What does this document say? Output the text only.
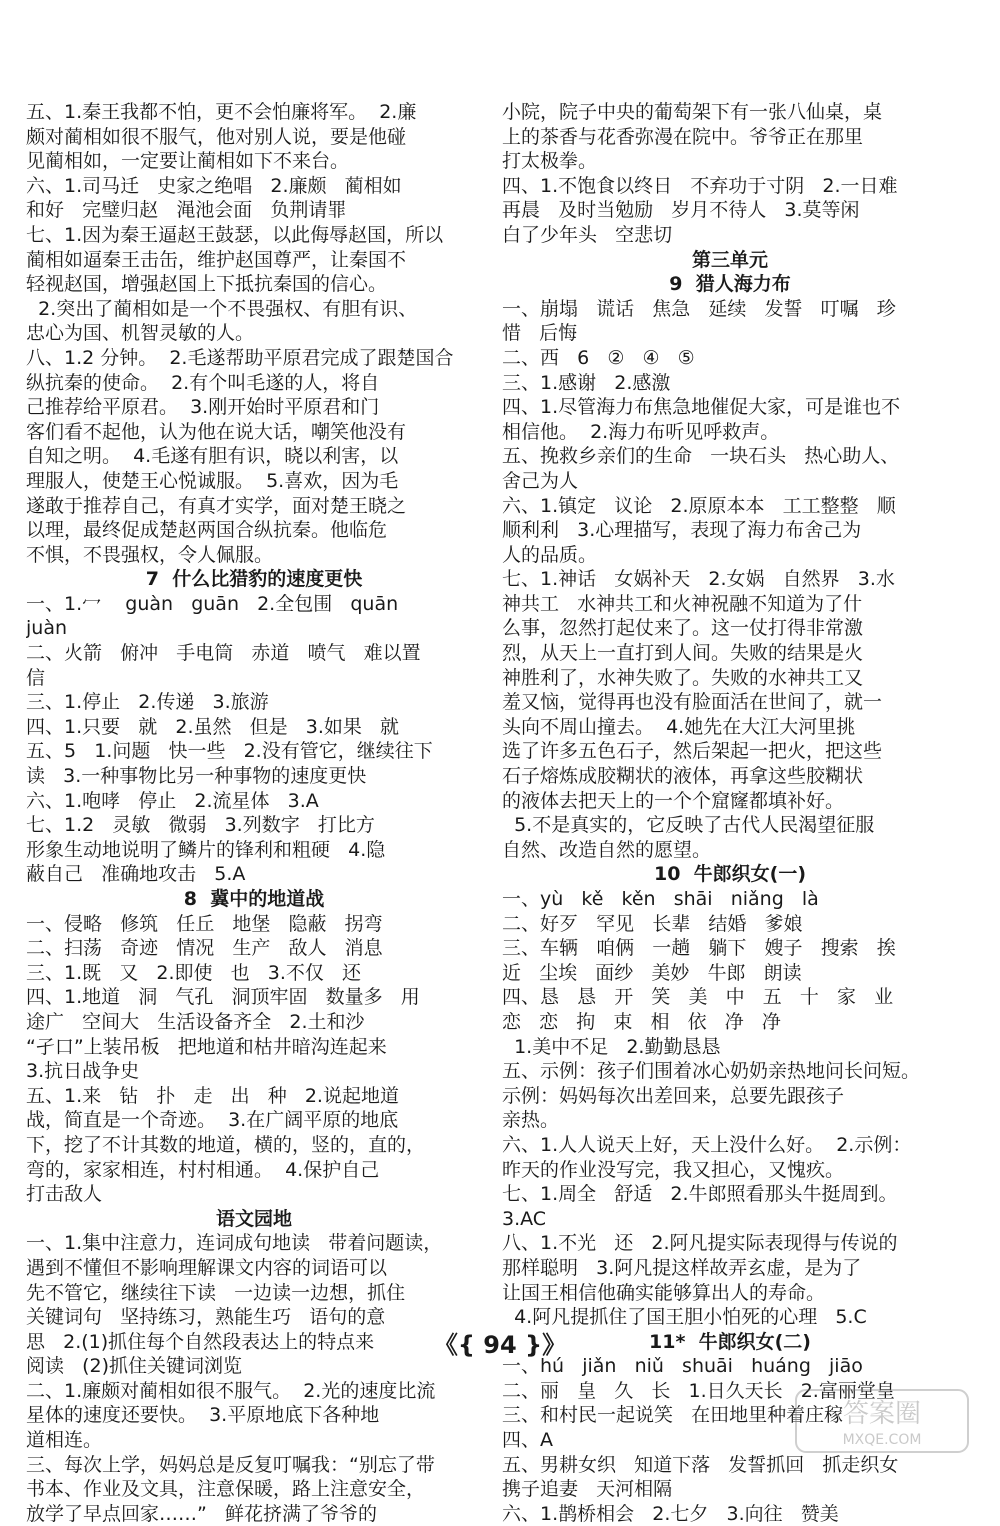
五、1.秦王我都不怕，更不会怕廉将军。  2.廉
颇对蔺相如很不服气，他对别人说，要是他碰
见蔺相如，一定要让蔺相如下不来台。
六、1.司马迁   史家之绝唱   2.廉颇   蔺相如
和好   完璧归赵   渑池会面   负荆请罪
七、1.因为秦王逼赵王鼓瑟，以此侮辱赵国，所以
蔺相如逼秦王击缶，维护赵国尊严，让秦国不
轻视赵国，增强赵国上下抵抗秦国的信心。
2.突出了蔺相如是一个不畏强权、有胆有识、
忠心为国、机智灵敏的人。
八、1.2 分钟。  2.毛遂帮助平原君完成了跟楚国合
纵抗秦的使命。  2.有个叫毛遂的人，将自
己推荐给平原君。  3.刚开始时平原君和门
客们看不起他，认为他在说大话，嘲笑他没有
自知之明。  4.毛遂有胆有识，晓以利害，以
理服人，使楚王心悦诚服。  5.喜欢，因为毛
遂敢于推荐自己，有真才实学，面对楚王晓之
以理，最终促成楚赵两国合纵抗秦。他临危
不惧，不畏强权，令人佩服。
7  什么比猎豹的速度更快
一、1.冖    guàn   guān   2.全包围   quān
juàn
二、火箭   俯冲   手电筒   赤道   喷气   难以置
信
三、1.停止   2.传递   3.旅游
四、1.只要   就   2.虽然   但是   3.如果   就
五、5   1.问题   快一些   2.没有管它，继续往下
读   3.一种事物比另一种事物的速度更快
六、1.咆哮   停止   2.流星体   3.A
七、1.2   灵敏   微弱   3.列数字   打比方
形象生动地说明了鳞片的锋利和粗硬   4.隐
蔽自己   准确地攻击   5.A
8  冀中的地道战
一、侵略   修筑   任丘   地堡   隐蔽   拐弯
二、扫荡   奇迹   情况   生产   敌人   消息
三、1.既   又   2.即使   也   3.不仅   还
四、1.地道   洞   气孔   洞顶牢固   数量多   用
途广   空间大   生活设备齐全   2.土和沙
“孑口”上装吊板   把地道和枯井暗沟连起来
3.抗日战争史
五、1.来   钻   扑   走   出   种   2.说起地道
战，简直是一个奇迹。  3.在广阔平原的地底
下，挖了不计其数的地道，横的，竖的，直的，
弯的，家家相连，村村相通。  4.保护自己
打击敌人
语文园地
一、1.集中注意力，连词成句地读   带着问题读，
遇到不懂但不影响理解课文内容的词语可以
先不管它，继续往下读   一边读一边想，抓住
关键词句   坚持练习，熟能生巧   语句的意
思   2.(1)抓住每个自然段表达上的特点来
阅读   (2)抓住关键词浏览
二、1.廉颇对蔺相如很不服气。  2.光的速度比流
星体的速度还要快。  3.平原地底下各种地
道相连。
三、每次上学，妈妈总是反复叮嘱我：“别忘了带
书本、作业及文具，注意保暖，路上注意安全，
放学了早点回家……”   鲜花挤满了爷爷的
小院，院子中央的葡萄架下有一张八仙桌，桌
上的茶香与花香弥漫在院中。爷爷正在那里
打太极拳。
四、1.不饱食以终日   不弃功于寸阴   2.一日难
再晨   及时当勉励   岁月不待人   3.莫等闲
白了少年头   空悲切
第三单元
9  猎人海力布
一、崩塌   谎话   焦急   延续   发誓   叮嘱   珍
惜   后悔
二、西   6   ②   ④   ⑤
三、1.感谢   2.感激
四、1.尽管海力布焦急地催促大家，可是谁也不
相信他。  2.海力布听见呼救声。
五、挽救乡亲们的生命   一块石头   热心助人、
舍己为人
六、1.镇定   议论   2.原原本本   工工整整   顺
顺利利   3.心理描写，表现了海力布舍己为
人的品质。
七、1.神话   女娲补天   2.女娲   自然界   3.水
神共工   水神共工和火神祝融不知道为了什
么事，忽然打起仗来了。这一仗打得非常激
烈，从天上一直打到人间。失败的结果是火
神胜利了，水神失败了。失败的水神共工又
羞又恼，觉得再也没有脸面活在世间了，就一
头向不周山撞去。  4.她先在大江大河里挑
选了许多五色石子，然后架起一把火，把这些
石子熔炼成胶糊状的液体，再拿这些胶糊状
的液体去把天上的一个个窟窿都填补好。
5.不是真实的，它反映了古代人民渴望征服
自然、改造自然的愿望。
10  牛郎织女(一)
一、yù   kě   kěn   shāi   niǎng   là
二、好歹   罕见   长辈   结婚   爹娘
三、车辆   咱俩   一趟   躺下   嫂子   搜索   挨
近   尘埃   面纱   美妙   牛郎   朗读
四、恳   恳   开   笑   美   中   五   十   家   业
恋   恋   拘   束   相   依   净   净
1.美中不足   2.勤勤恳恳
五、示例：孩子们围着冰心奶奶亲热地问长问短。
示例：妈妈每次出差回来，总要先跟孩子
亲热。
六、1.人人说天上好，天上没什么好。  2.示例：
昨天的作业没写完，我又担心，又愧疚。
七、1.周全   舒适   2.牛郎照看那头牛挺周到。
3.AC
八、1.不光   还   2.阿凡提实际表现得与传说的
那样聪明   3.阿凡提这样故弄玄虚，是为了
让国王相信他确实能够算出人的寿命。
4.阿凡提抓住了国王胆小怕死的心理   5.C
11*  牛郎织女(二)
一、hú   jiǎn   niǔ   shuāi   huáng   jiāo
二、丽   皇   久   长   1.日久天长   2.富丽堂皇
三、和村民一起说笑   在田地里种着庄稼
四、A
五、男耕女织   知道下落   发誓抓回   抓走织女
携子追妻   天河相隔
六、1.鹊桥相会   2.七夕   3.向往   赞美
《{ 94 }》
答案圈
MXQE.COM
